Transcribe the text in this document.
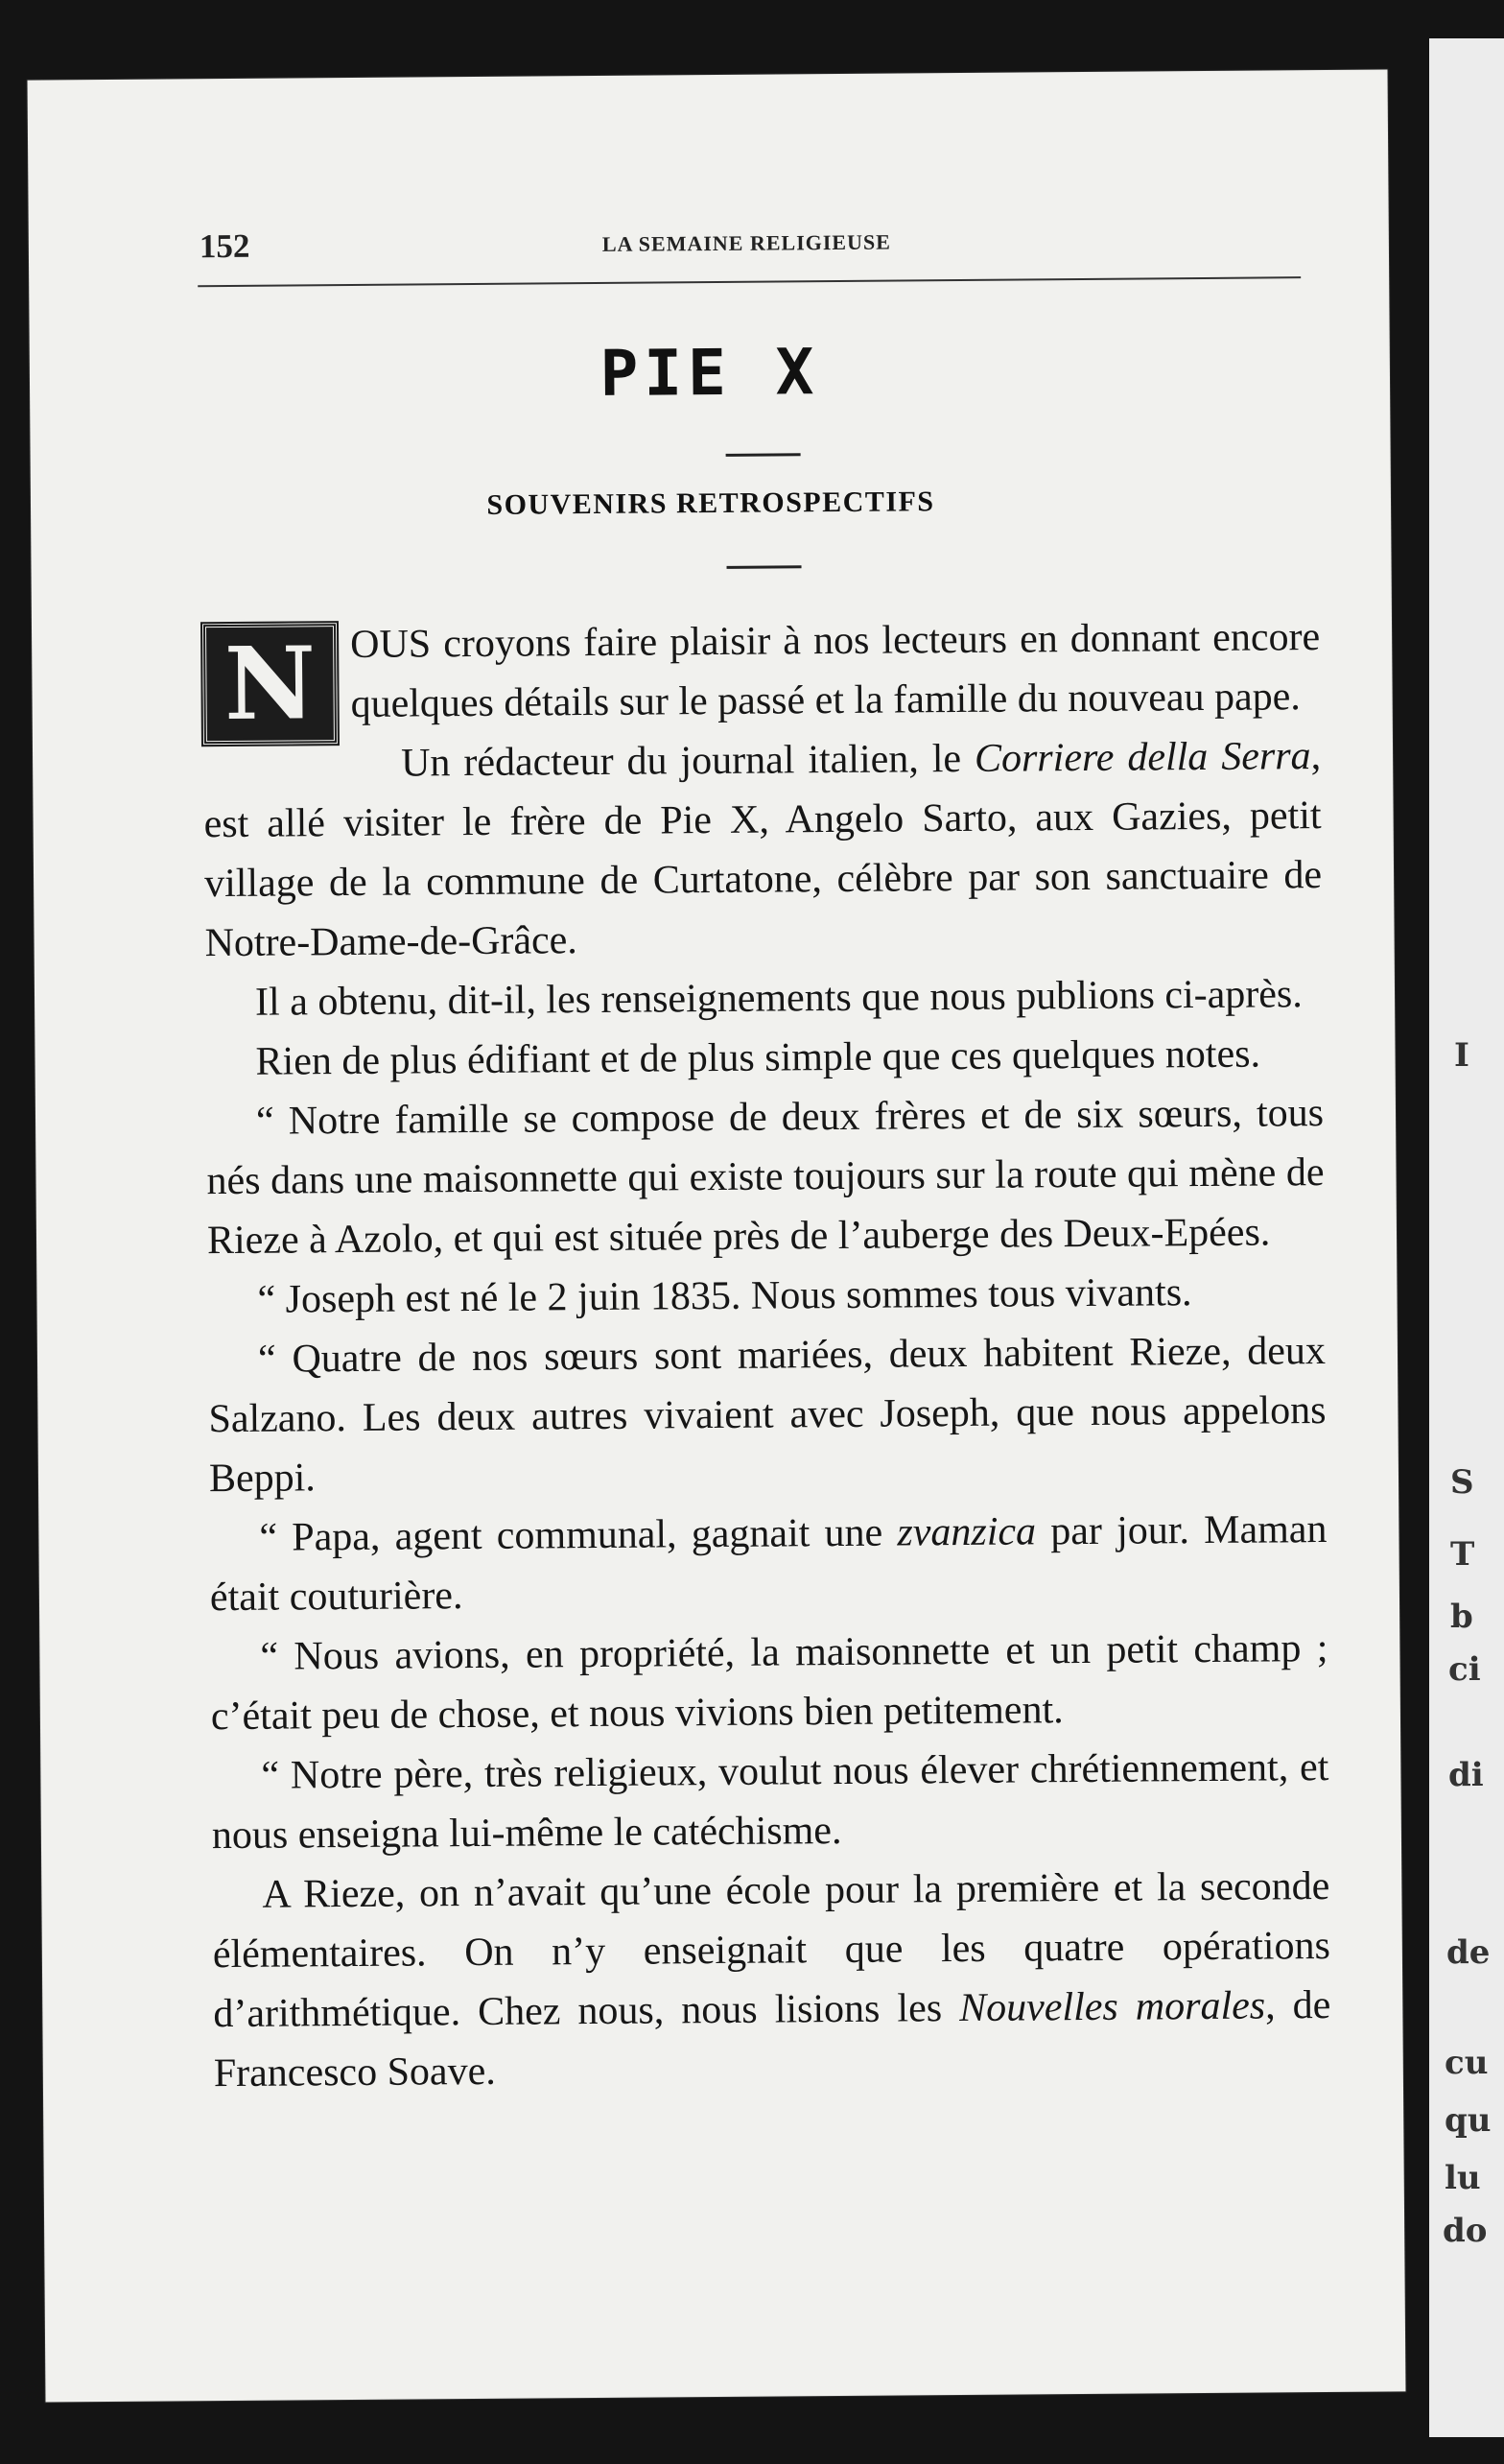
I
S
T
b
ci
di
de
cu
qu
lu
do
152	LA SEMAINE RELIGIEUSE
PIE X
SOUVENIRS RETROSPECTIFS

N OUS croyons faire plaisir à nos lecteurs en donnant encore quelques détails sur le passé et la famille du nouveau pape.

Un rédacteur du journal italien, le Corriere della Serra, est allé visiter le frère de Pie X, Angelo Sarto, aux Gazies, petit village de la commune de Curtatone, célèbre par son sanctuaire de Notre-Dame-de-Grâce.

Il a obtenu, dit-il, les renseignements que nous publions ci-après.

Rien de plus édifiant et de plus simple que ces quelques notes.

“ Notre famille se compose de deux frères et de six sœurs, tous nés dans une maisonnette qui existe toujours sur la route qui mène de Rieze à Azolo, et qui est située près de l’auberge des Deux-Epées.

“ Joseph est né le 2 juin 1835. Nous sommes tous vivants.

“ Quatre de nos sœurs sont mariées, deux habitent Rieze, deux Salzano. Les deux autres vivaient avec Joseph, que nous appelons Beppi.

“ Papa, agent communal, gagnait une zvanzica par jour. Maman était couturière.

“ Nous avions, en propriété, la maisonnette et un petit champ ; c’était peu de chose, et nous vivions bien petitement.

“ Notre père, très religieux, voulut nous élever chrétiennement, et nous enseigna lui-même le catéchisme.

A Rieze, on n’avait qu’une école pour la première et la seconde élémentaires. On n’y enseignait que les quatre opérations d’arithmétique. Chez nous, nous lisions les Nouvelles morales, de Francesco Soave.
